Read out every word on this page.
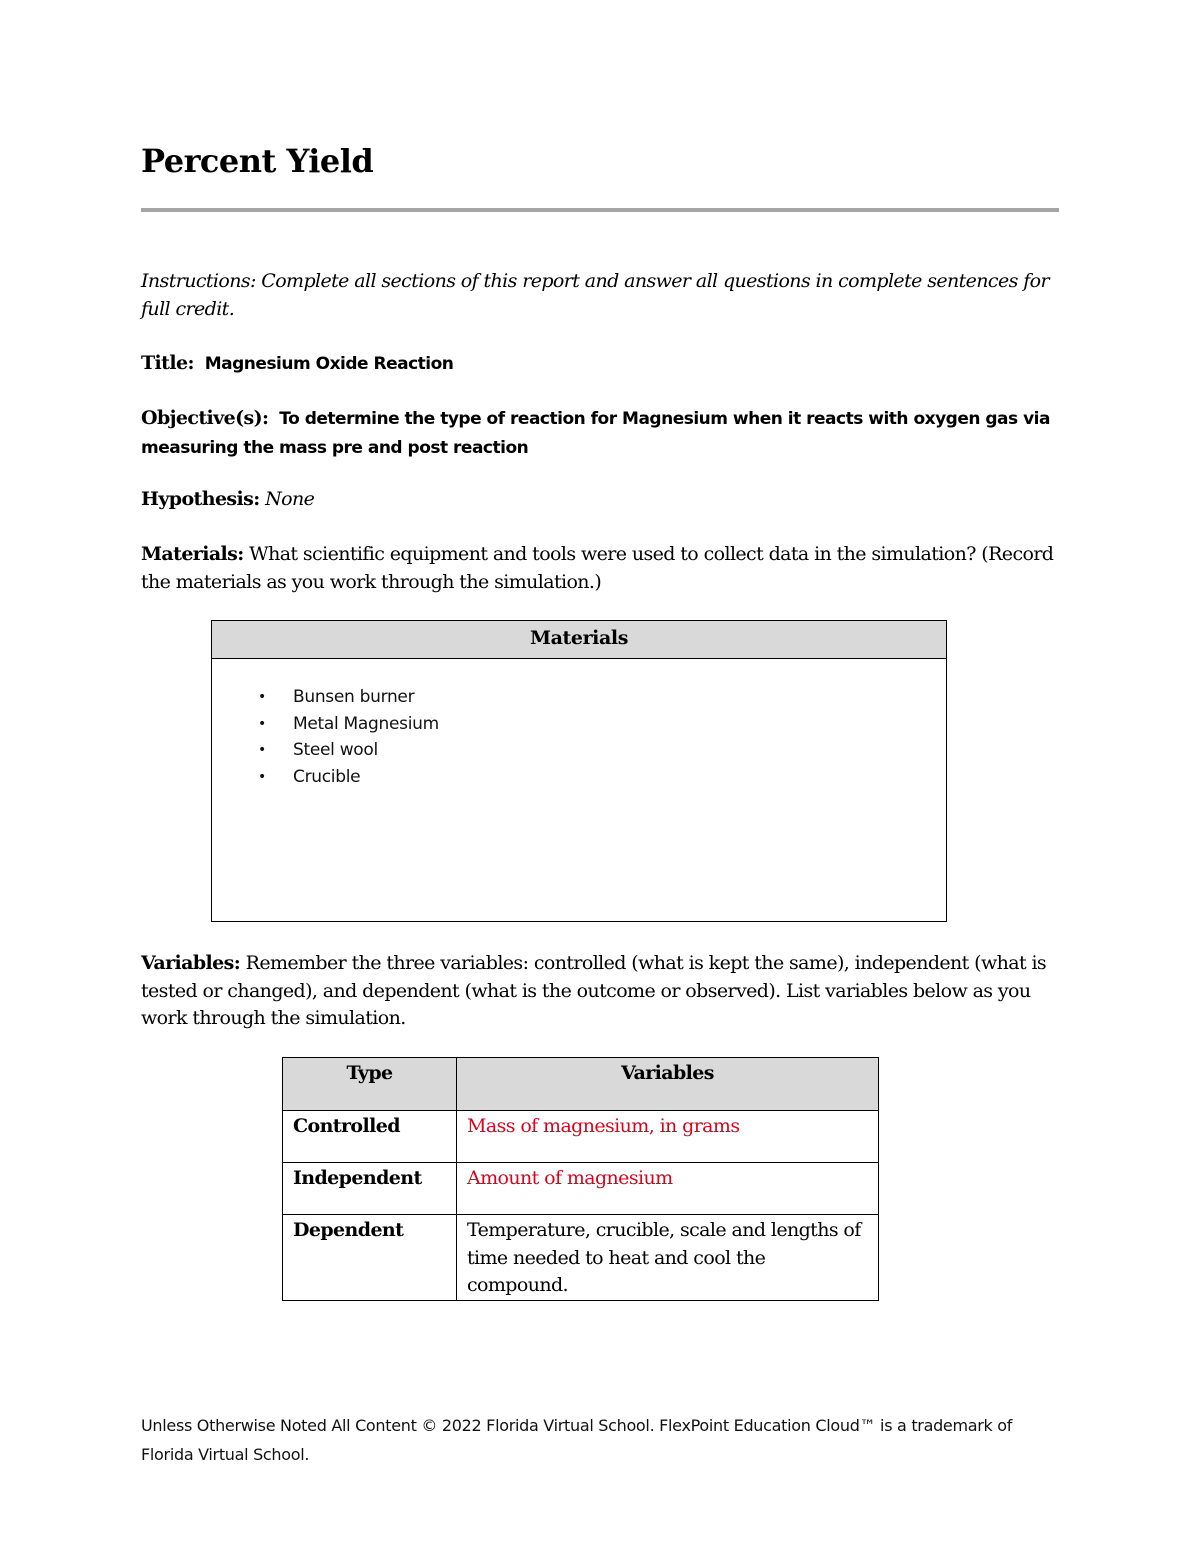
Percent Yield
Instructions: Complete all sections of this report and answer all questions in complete sentences for full credit.
Title: Magnesium Oxide Reaction
Objective(s): To determine the type of reaction for Magnesium when it reacts with oxygen gas via measuring the mass pre and post reaction
Hypothesis: None
Materials: What scientific equipment and tools were used to collect data in the simulation? (Record the materials as you work through the simulation.)
Materials
• Bunsen burner
• Metal Magnesium
• Steel wool
• Crucible
Variables: Remember the three variables: controlled (what is kept the same), independent (what is tested or changed), and dependent (what is the outcome or observed). List variables below as you work through the simulation.
Type	Variables

Controlled	Mass of magnesium, in grams

Independent	Amount of magnesium

Dependent	Temperature, crucible, scale and lengths of time needed to heat and cool the compound.
Unless Otherwise Noted All Content © 2022 Florida Virtual School. FlexPoint Education Cloud™ is a trademark of Florida Virtual School.
